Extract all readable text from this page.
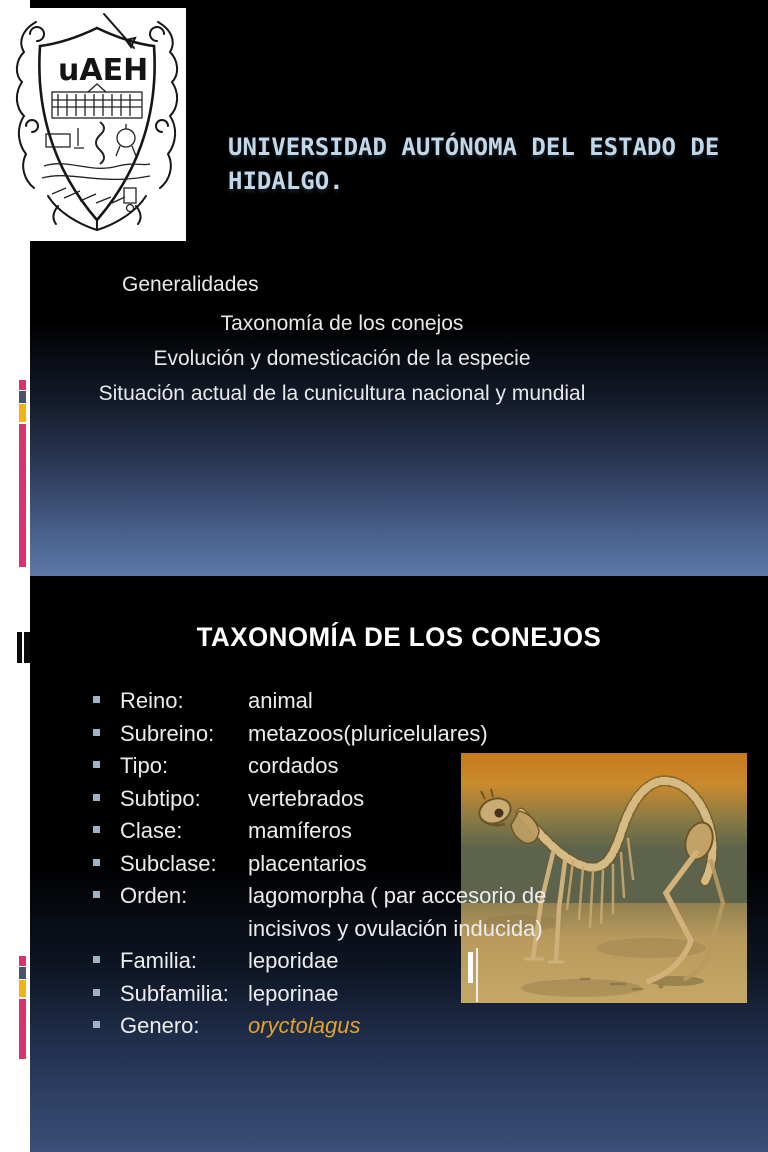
UNIVERSIDAD AUTÓNOMA DEL ESTADO DE HIDALGO.
Generalidades
Taxonomía de los conejos
Evolución y domesticación de la especie
Situación actual de la cunicultura nacional y mundial
TAXONOMÍA DE LOS CONEJOS
Reino:	animal
Subreino:	metazoos(pluricelulares)
Tipo:	cordados
Subtipo:	vertebrados
Clase:	mamíferos
Subclase:	placentarios
Orden:	lagomorpha ( par accesorio de incisivos y ovulación inducida)
Familia:	leporidae
Subfamilia: leporinae
Genero:	oryctolagus
uAEH
